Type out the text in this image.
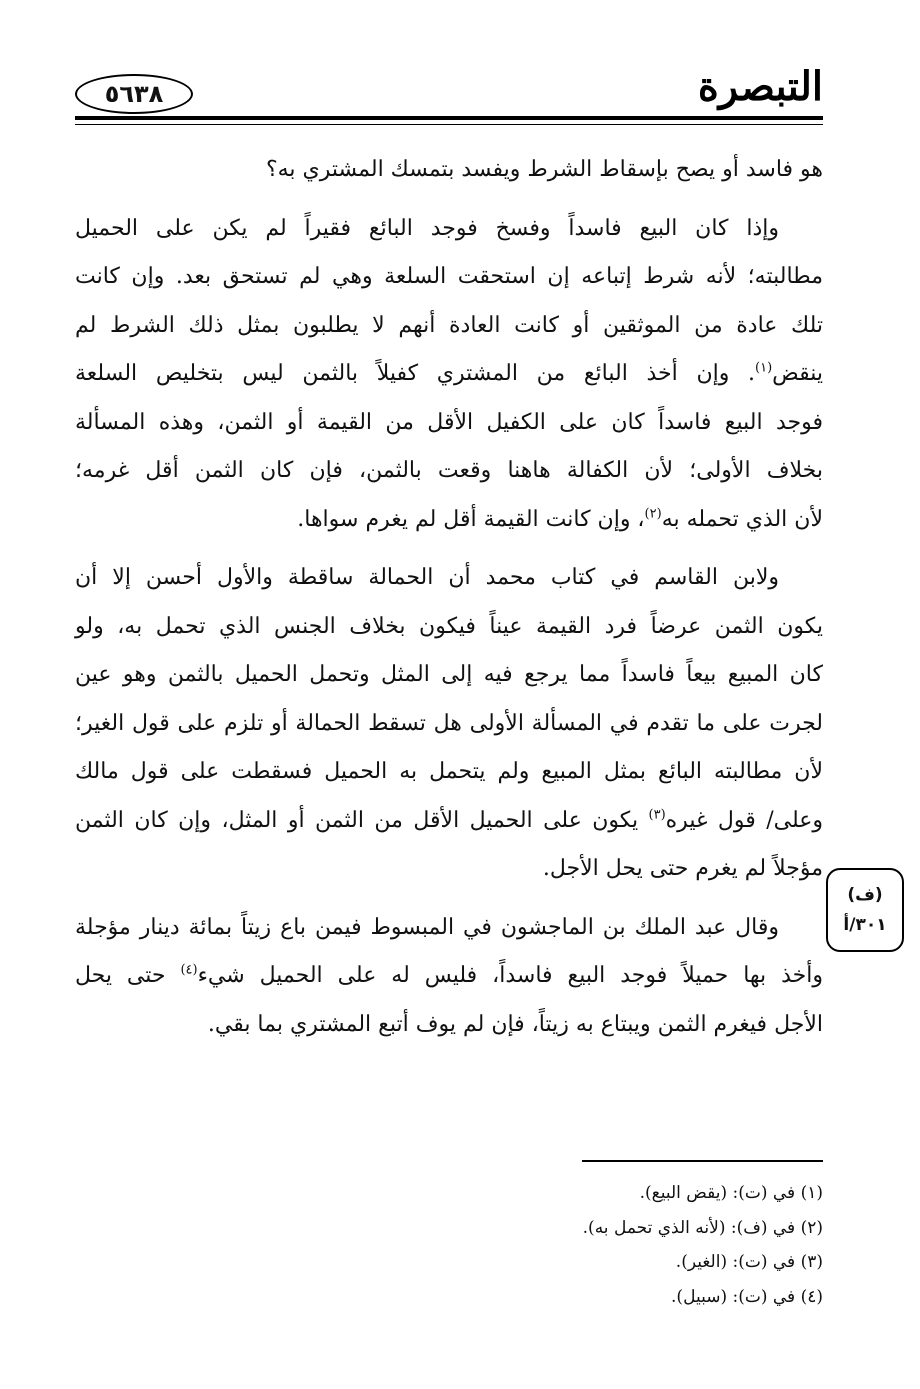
التبصرة
٥٦٣٨

هو فاسد أو يصح بإسقاط الشرط ويفسد بتمسك المشتري به؟

وإذا كان البيع فاسداً وفسخ فوجد البائع فقيراً لم يكن على الحميل
مطالبته؛ لأنه شرط إتباعه إن استحقت السلعة وهي لم تستحق بعد. وإن كانت
تلك عادة من الموثقين أو كانت العادة أنهم لا يطلبون بمثل ذلك الشرط لم
ينقض$^{(١)}$. وإن أخذ البائع من المشتري كفيلاً بالثمن ليس بتخليص السلعة
فوجد البيع فاسداً كان على الكفيل الأقل من القيمة أو الثمن، وهذه المسألة
بخلاف الأولى؛ لأن الكفالة هاهنا وقعت بالثمن، فإن كان الثمن أقل غرمه؛
لأن الذي تحمله به$^{(٢)}$، وإن كانت القيمة أقل لم يغرم سواها.

ولابن القاسم في كتاب محمد أن الحمالة ساقطة والأول أحسن إلا أن
يكون الثمن عرضاً فرد القيمة عيناً فيكون بخلاف الجنس الذي تحمل به، ولو
كان المبيع بيعاً فاسداً مما يرجع فيه إلى المثل وتحمل الحميل بالثمن وهو عين
لجرت على ما تقدم في المسألة الأولى هل تسقط الحمالة أو تلزم على قول الغير؛
لأن مطالبته البائع بمثل المبيع ولم يتحمل به الحميل فسقطت على قول مالك
وعلى/ قول غيره$^{(٣)}$ يكون على الحميل الأقل من الثمن أو المثل، وإن كان الثمن
مؤجلاً لم يغرم حتى يحل الأجل.

وقال عبد الملك بن الماجشون في المبسوط فيمن باع زيتاً بمائة دينار مؤجلة
وأخذ بها حميلاً فوجد البيع فاسداً، فليس له على الحميل شيء$^{(٤)}$ حتى يحل
الأجل فيغرم الثمن ويبتاع به زيتاً، فإن لم يوف أتبع المشتري بما بقي.

(ف)
٣٠١/أ
(١) في (ت): (يقض البيع).
(٢) في (ف): (لأنه الذي تحمل به).
(٣) في (ت): (الغير).
(٤) في (ت): (سبيل).
